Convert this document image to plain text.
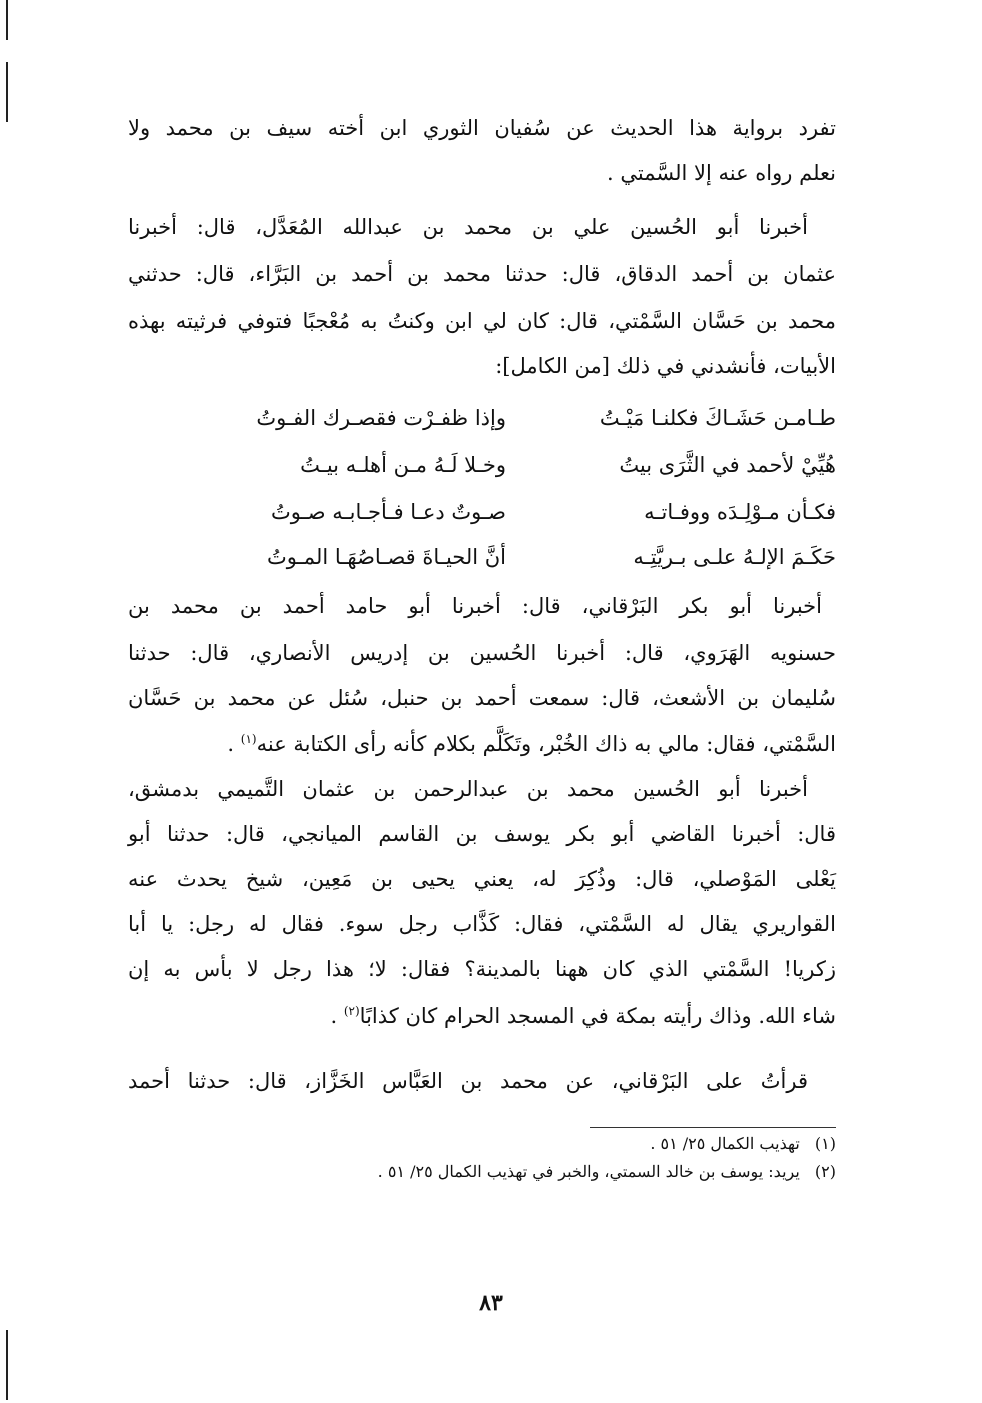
تفرد برواية هذا الحديث عن سُفيان الثوري ابن أخته سيف بن محمد ولا
نعلم رواه عنه إلا السَّمتي .
أخبرنا أبو الحُسين علي بن محمد بن عبدالله المُعَدَّل، قال: أخبرنا
عثمان بن أحمد الدقاق، قال: حدثنا محمد بن أحمد بن البَرَّاء، قال: حدثني
محمد بن حَسَّان السَّمْتي، قال: كان لي ابن وكنتُ به مُعْجبًا فتوفي فرثيته بهذه
الأبيات، فأنشدني في ذلك [من الكامل]:
طـامـن حَشَـاكَ فكلنـا مَيْـتُ
وإذا ظفـرْت فقصـرك الفـوتُ
هُيِّيْ لأحمد في الثَّرَى بيتُ
وخـلا لَـهُ مـن أهلـه بيـتُ
فكـأن مـوْلِـدَه ووفـاتـه
صـوتٌ دعـا فـأجـابـه صـوتُ
حَكَـمَ الإلـهُ علـى بـريَّتِـه
أنَّ الحيـاةَ قصـاصُهَـا المـوتُ
أخبرنا أبو بكر البَرْقاني، قال: أخبرنا أبو حامد أحمد بن محمد بن
حسنويه الهَرَوي، قال: أخبرنا الحُسين بن إدريس الأنصاري، قال: حدثنا
سُليمان بن الأشعث، قال: سمعت أحمد بن حنبل، سُئل عن محمد بن حَسَّان
السَّمْتي، فقال: مالي به ذاك الخُبْر، وتَكَلَّم بكلام كأنه رأى الكتابة عنه$^{(١)}$ .
أخبرنا أبو الحُسين محمد بن عبدالرحمن بن عثمان التَّميمي بدمشق،
قال: أخبرنا القاضي أبو بكر يوسف بن القاسم الميانجي، قال: حدثنا أبو
يَعْلى المَوْصلي، قال: وذُكِرَ له، يعني يحيى بن مَعِين، شيخ يحدث عنه
القواريري يقال له السَّمْتي، فقال: كَذَّاب رجل سوء. فقال له رجل: يا أبا
زكريا! السَّمْتي الذي كان ههنا بالمدينة؟ فقال: لا؛ هذا رجل لا بأس به إن
شاء الله. وذاك رأيته بمكة في المسجد الحرام كان كذابًا$^{(٢)}$ .
قرأتُ على البَرْقاني، عن محمد بن العَبَّاس الخَزَّاز، قال: حدثنا أحمد
(١) تهذيب الكمال ٢٥/ ٥١ .
(٢) يريد: يوسف بن خالد السمتي، والخبر في تهذيب الكمال ٢٥/ ٥١ .
٨٣
